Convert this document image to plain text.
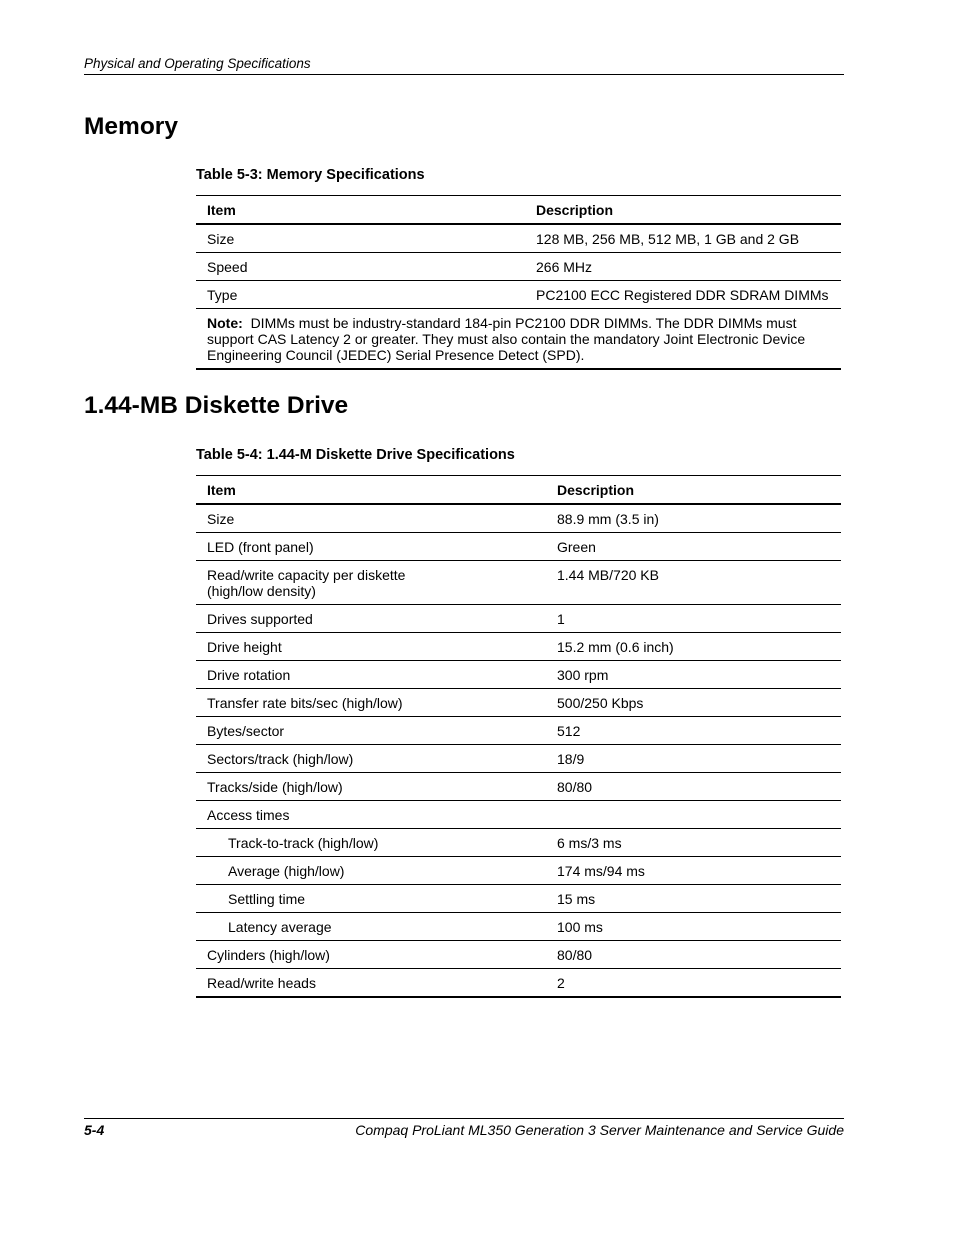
Physical and Operating Specifications
Memory
Table 5-3: Memory Specifications
Item	Description
Size	128 MB, 256 MB, 512 MB, 1 GB and 2 GB
Speed	266 MHz
Type	PC2100 ECC Registered DDR SDRAM DIMMs
Note: DIMMs must be industry-standard 184-pin PC2100 DDR DIMMs. The DDR DIMMs must support CAS Latency 2 or greater. They must also contain the mandatory Joint Electronic Device Engineering Council (JEDEC) Serial Presence Detect (SPD).	
1.44-MB Diskette Drive
Table 5-4: 1.44-M Diskette Drive Specifications
Item	Description
Size	88.9 mm (3.5 in)
LED (front panel)	Green
Read/write capacity per diskette
(high/low density)	1.44 MB/720 KB
Drives supported	1
Drive height	15.2 mm (0.6 inch)
Drive rotation	300 rpm
Transfer rate bits/sec (high/low)	500/250 Kbps
Bytes/sector	512
Sectors/track (high/low)	18/9
Tracks/side (high/low)	80/80
Access times	
Track-to-track (high/low)	6 ms/3 ms
Average (high/low)	174 ms/94 ms
Settling time	15 ms
Latency average	100 ms
Cylinders (high/low)	80/80
Read/write heads	2
5-4	Compaq ProLiant ML350 Generation 3 Server Maintenance and Service Guide
